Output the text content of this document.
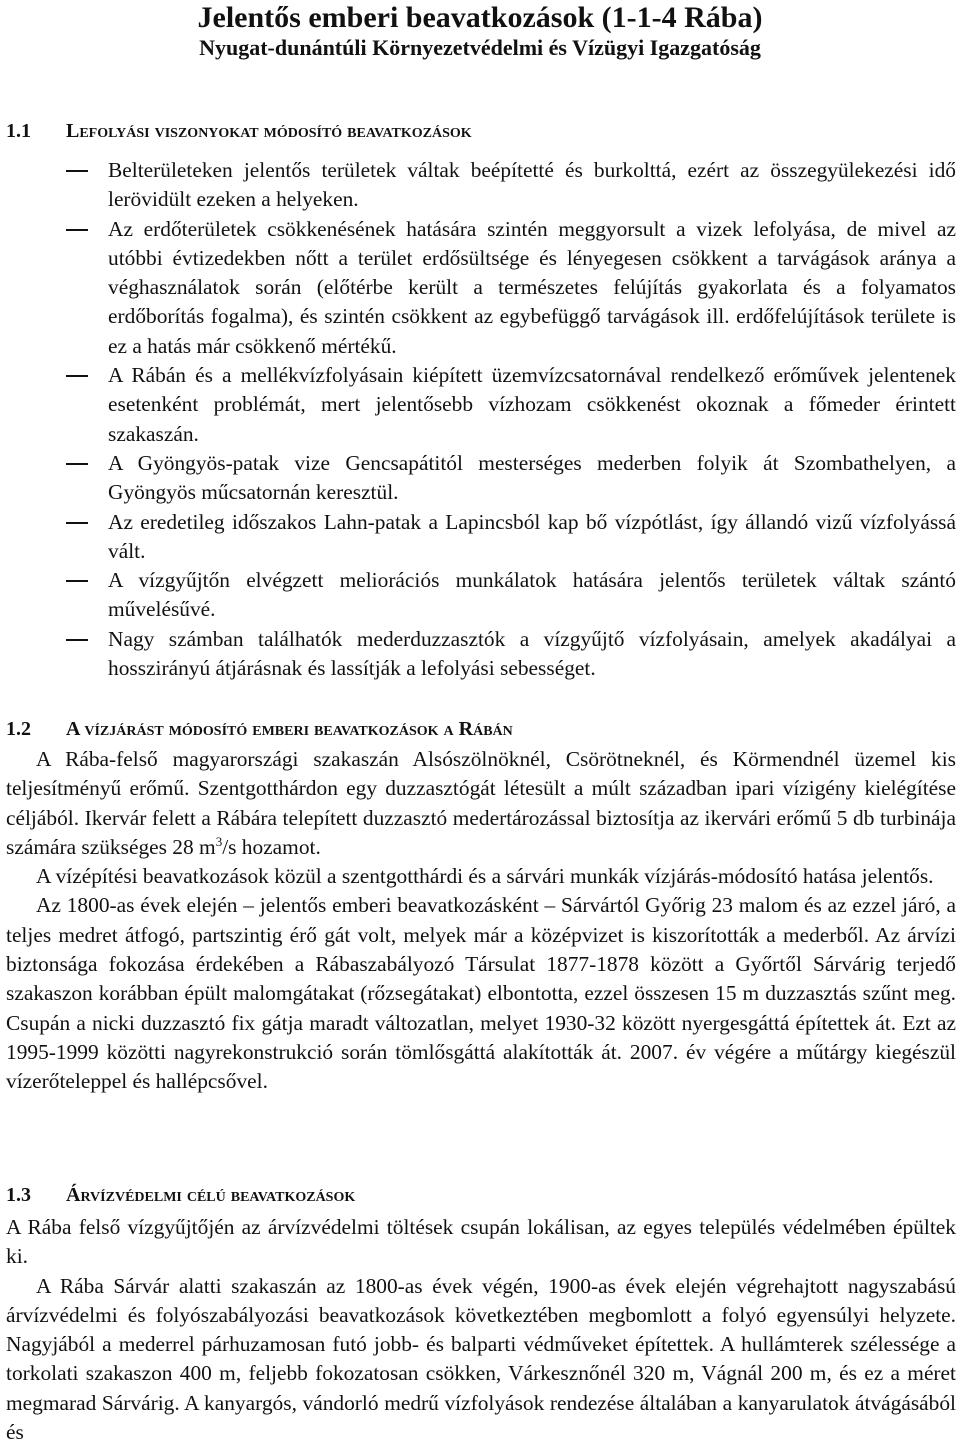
Jelentős emberi beavatkozások (1-1-4 Rába)
Nyugat-dunántúli Környezetvédelmi és Vízügyi Igazgatóság
1.1 Lefolyási viszonyokat módosító beavatkozások
Belterületeken jelentős területek váltak beépítetté és burkolttá, ezért az összegyülekezési idő lerövidült ezeken a helyeken.
Az erdőterületek csökkenésének hatására szintén meggyorsult a vizek lefolyása, de mivel az utóbbi évtizedekben nőtt a terület erdősültsége és lényegesen csökkent a tarvágások aránya a véghasználatok során (előtérbe került a természetes felújítás gyakorlata és a folyamatos erdőborítás fogalma), és szintén csökkent az egybefüggő tarvágások ill. erdőfelújítások területe is ez a hatás már csökkenő mértékű.
A Rábán és a mellékvízfolyásain kiépített üzemvízcsatornával rendelkező erőművek jelentenek esetenként problémát, mert jelentősebb vízhozam csökkenést okoznak a főmeder érintett szakaszán.
A Gyöngyös-patak vize Gencsapátitól mesterséges mederben folyik át Szombathelyen, a Gyöngyös műcsatornán keresztül.
Az eredetileg időszakos Lahn-patak a Lapincsból kap bő vízpótlást, így állandó vizű vízfolyássá vált.
A vízgyűjtőn elvégzett meliorációs munkálatok hatására jelentős területek váltak szántó művelésűvé.
Nagy számban találhatók mederduzzasztók a vízgyűjtő vízfolyásain, amelyek akadályai a hosszirányú átjárásnak és lassítják a lefolyási sebességet.
1.2 A vízjárást módosító emberi beavatkozások a Rábán

A Rába-felső magyarországi szakaszán Alsószölnöknél, Csörötneknél, és Körmendnél üzemel kis teljesítményű erőmű. Szentgotthárdon egy duzzasztógát létesült a múlt században ipari vízigény kielégítése céljából. Ikervár felett a Rábára telepített duzzasztó medertározással biztosítja az ikervári erőmű 5 db turbinája számára szükséges 28 $m^3/s$ hozamot.

A vízépítési beavatkozások közül a szentgotthárdi és a sárvári munkák vízjárás-módosító hatása jelentős.

Az 1800-as évek elején – jelentős emberi beavatkozásként – Sárvártól Győrig 23 malom és az ezzel járó, a teljes medret átfogó, partszintig érő gát volt, melyek már a középvizet is kiszorították a mederből. Az árvízi biztonsága fokozása érdekében a Rábaszabályozó Társulat 1877-1878 között a Győrtől Sárvárig terjedő szakaszon korábban épült malomgátakat (rőzsegátakat) elbontotta, ezzel összesen 15 m duzzasztás szűnt meg. Csupán a nicki duzzasztó fix gátja maradt változatlan, melyet 1930-32 között nyergesgáttá építettek át. Ezt az 1995-1999 közötti nagyrekonstrukció során tömlősgáttá alakították át. 2007. év végére a műtárgy kiegészül vízerőteleppel és hallépcsővel.

1.3 Árvízvédelmi célú beavatkozások

A Rába felső vízgyűjtőjén az árvízvédelmi töltések csupán lokálisan, az egyes település védelmében épültek ki.

A Rába Sárvár alatti szakaszán az 1800-as évek végén, 1900-as évek elején végrehajtott nagyszabású árvízvédelmi és folyószabályozási beavatkozások következtében megbomlott a folyó egyensúlyi helyzete. Nagyjából a mederrel párhuzamosan futó jobb- és balparti védműveket építettek. A hullámterek szélessége a torkolati szakaszon 400 m, feljebb fokozatosan csökken, Várkesznőnél 320 m, Vágnál 200 m, és ez a méret megmarad Sárvárig. A kanyargós, vándorló medrű vízfolyások rendezése általában a kanyarulatok átvágásából és
